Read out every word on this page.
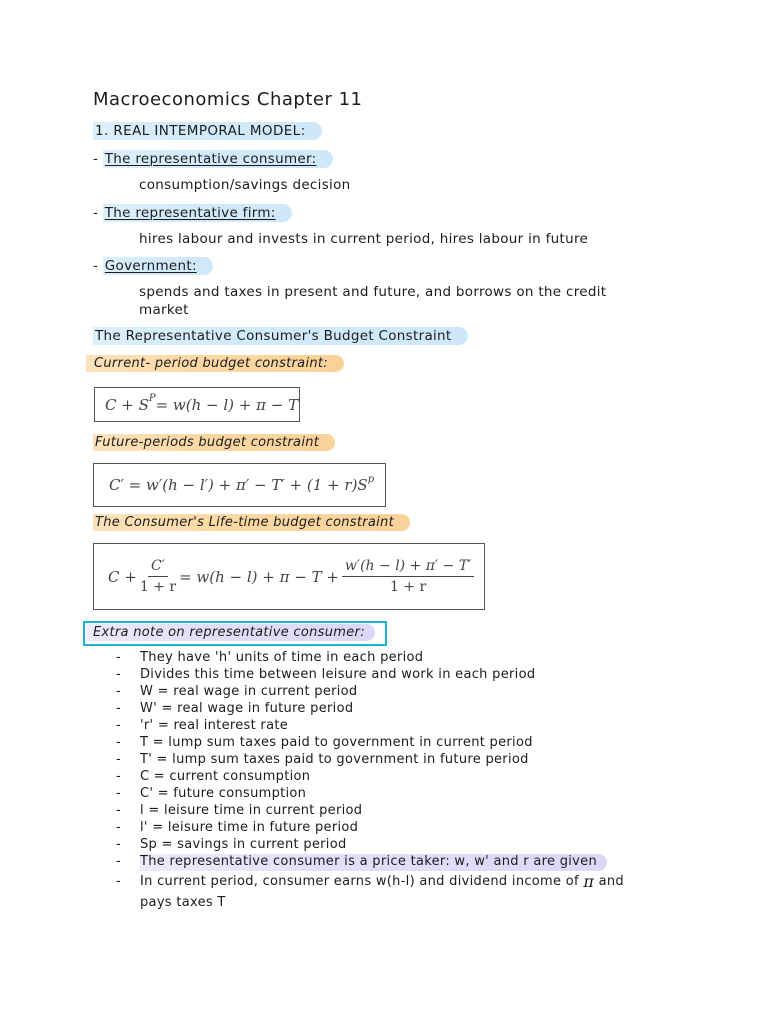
Macroeconomics Chapter 11
1. REAL INTEMPORAL MODEL:
- The representative consumer:
consumption/savings decision
- The representative firm:
hires labour and invests in current period, hires labour in future
- Government:
spends and taxes in present and future, and borrows on the credit
market
The Representative Consumer's Budget Constraint
Current- period budget constraint:
C + S P = w(h − l) + π − T
Future-periods budget constraint
C′ = w′(h − l′) + π′ − T′ + (1 + r)S p
The Consumer's Life-time budget constraint
$C + \frac{C'}{1 + r} = w(h - l) + \pi - T + \frac{w'(h - l) + \pi' - T'}{1 + r}$
Extra note on representative consumer:
-	They have 'h' units of time in each period
-	Divides this time between leisure and work in each period
-	W = real wage in current period
-	W' = real wage in future period
-	'r' = real interest rate
-	T = lump sum taxes paid to government in current period
-	T' = lump sum taxes paid to government in future period
-	C = current consumption
-	C' = future consumption
-	l = leisure time in current period
-	l' = leisure time in future period
-	Sp = savings in current period
-	The representative consumer is a price taker: w, w' and r are given
-	In current period, consumer earns w(h-l) and dividend income of
π
and
pays taxes T
